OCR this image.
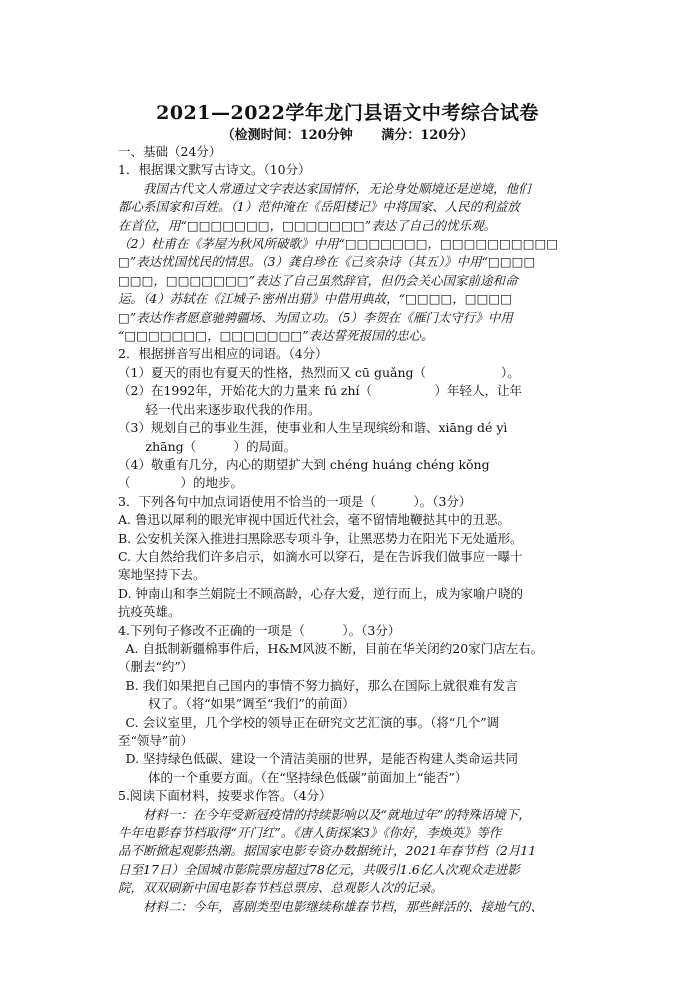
2021—2022学年龙门县语文中考综合试卷
（检测时间：120分钟 满分：120分）

一、基础（24分）

1．根据课文默写古诗文。（10分）

我国古代文人常通过文字表达家国情怀，无论身处顺境还是逆境，他们

都心系国家和百姓。（1）范仲淹在《岳阳楼记》中将国家、人民的利益放

在首位，用“□□□□□□□，□□□□□□□”表达了自己的忧乐观。

（2）杜甫在《茅屋为秋风所破歌》中用“□□□□□□□，□□□□□□□□□□

□”表达忧国忧民的情思。（3）龚自珍在《己亥杂诗（其五）》中用“□□□□

□□□，□□□□□□□”表达了自己虽然辞官，但仍会关心国家前途和命

运。（4）苏轼在《江城子·密州出猎》中借用典故，“□□□□，□□□□

□”表达作者愿意驰骋疆场、为国立功。（5）李贺在《雁门太守行》中用

“□□□□□□□，□□□□□□□”表达誓死报国的忠心。

2．根据拼音写出相应的词语。（4分）

（1）夏天的雨也有夏天的性格，热烈而又 cū guǎng（　　　　　　）。

（2）在1992年，开始花大的力量来 fú zhí（　　　　　）年轻人，让年

轻一代出来逐步取代我的作用。

（3）规划自己的事业生涯，使事业和人生呈现缤纷和谐、xiāng dé yì

zhāng（　　　）的局面。

（4）敬重有几分，内心的期望扩大到 chéng huáng chéng kǒng

（　　　　）的地步。

3．下列各句中加点词语使用不恰当的一项是（　　　）。（3分）

A. 鲁迅以犀利的眼光审视中国近代社会，毫不留情地鞭挞其中的丑恶。

B. 公安机关深入推进扫黑除恶专项斗争，让黑恶势力在阳光下无处遁形。

C. 大自然给我们许多启示，如滴水可以穿石，是在告诉我们做事应一曝十

寒地坚持下去。

D. 钟南山和李兰娟院士不顾高龄，心存大爱，逆行而上，成为家喻户晓的

抗疫英雄。

4.下列句子修改不正确的一项是（　　　）。（3分）

A. 自抵制新疆棉事件后，H&M风波不断，目前在华关闭约20家门店左右。

（删去“约”）

B. 我们如果把自己国内的事情不努力搞好，那么在国际上就很难有发言

权了。（将“如果”调至“我们”的前面）

C. 会议室里，几个学校的领导正在研究文艺汇演的事。（将“几个”调

至“领导”前）

D. 坚持绿色低碳、建设一个清洁美丽的世界，是能否构建人类命运共同

体的一个重要方面。（在“坚持绿色低碳”前面加上“能否”）

5.阅读下面材料，按要求作答。（4分）

材料一：在今年受新冠疫情的持续影响以及“就地过年”的特殊语境下，

牛年电影春节档取得“开门红”。《唐人街探案3》《你好，李焕英》等作

品不断掀起观影热潮。据国家电影专资办数据统计，2021年春节档（2月11

日至17日）全国城市影院票房超过78亿元，共吸引1.6亿人次观众走进影

院，双双刷新中国电影春节档总票房、总观影人次的记录。

材料二：今年，喜剧类型电影继续称雄春节档，那些鲜活的、接地气的、
